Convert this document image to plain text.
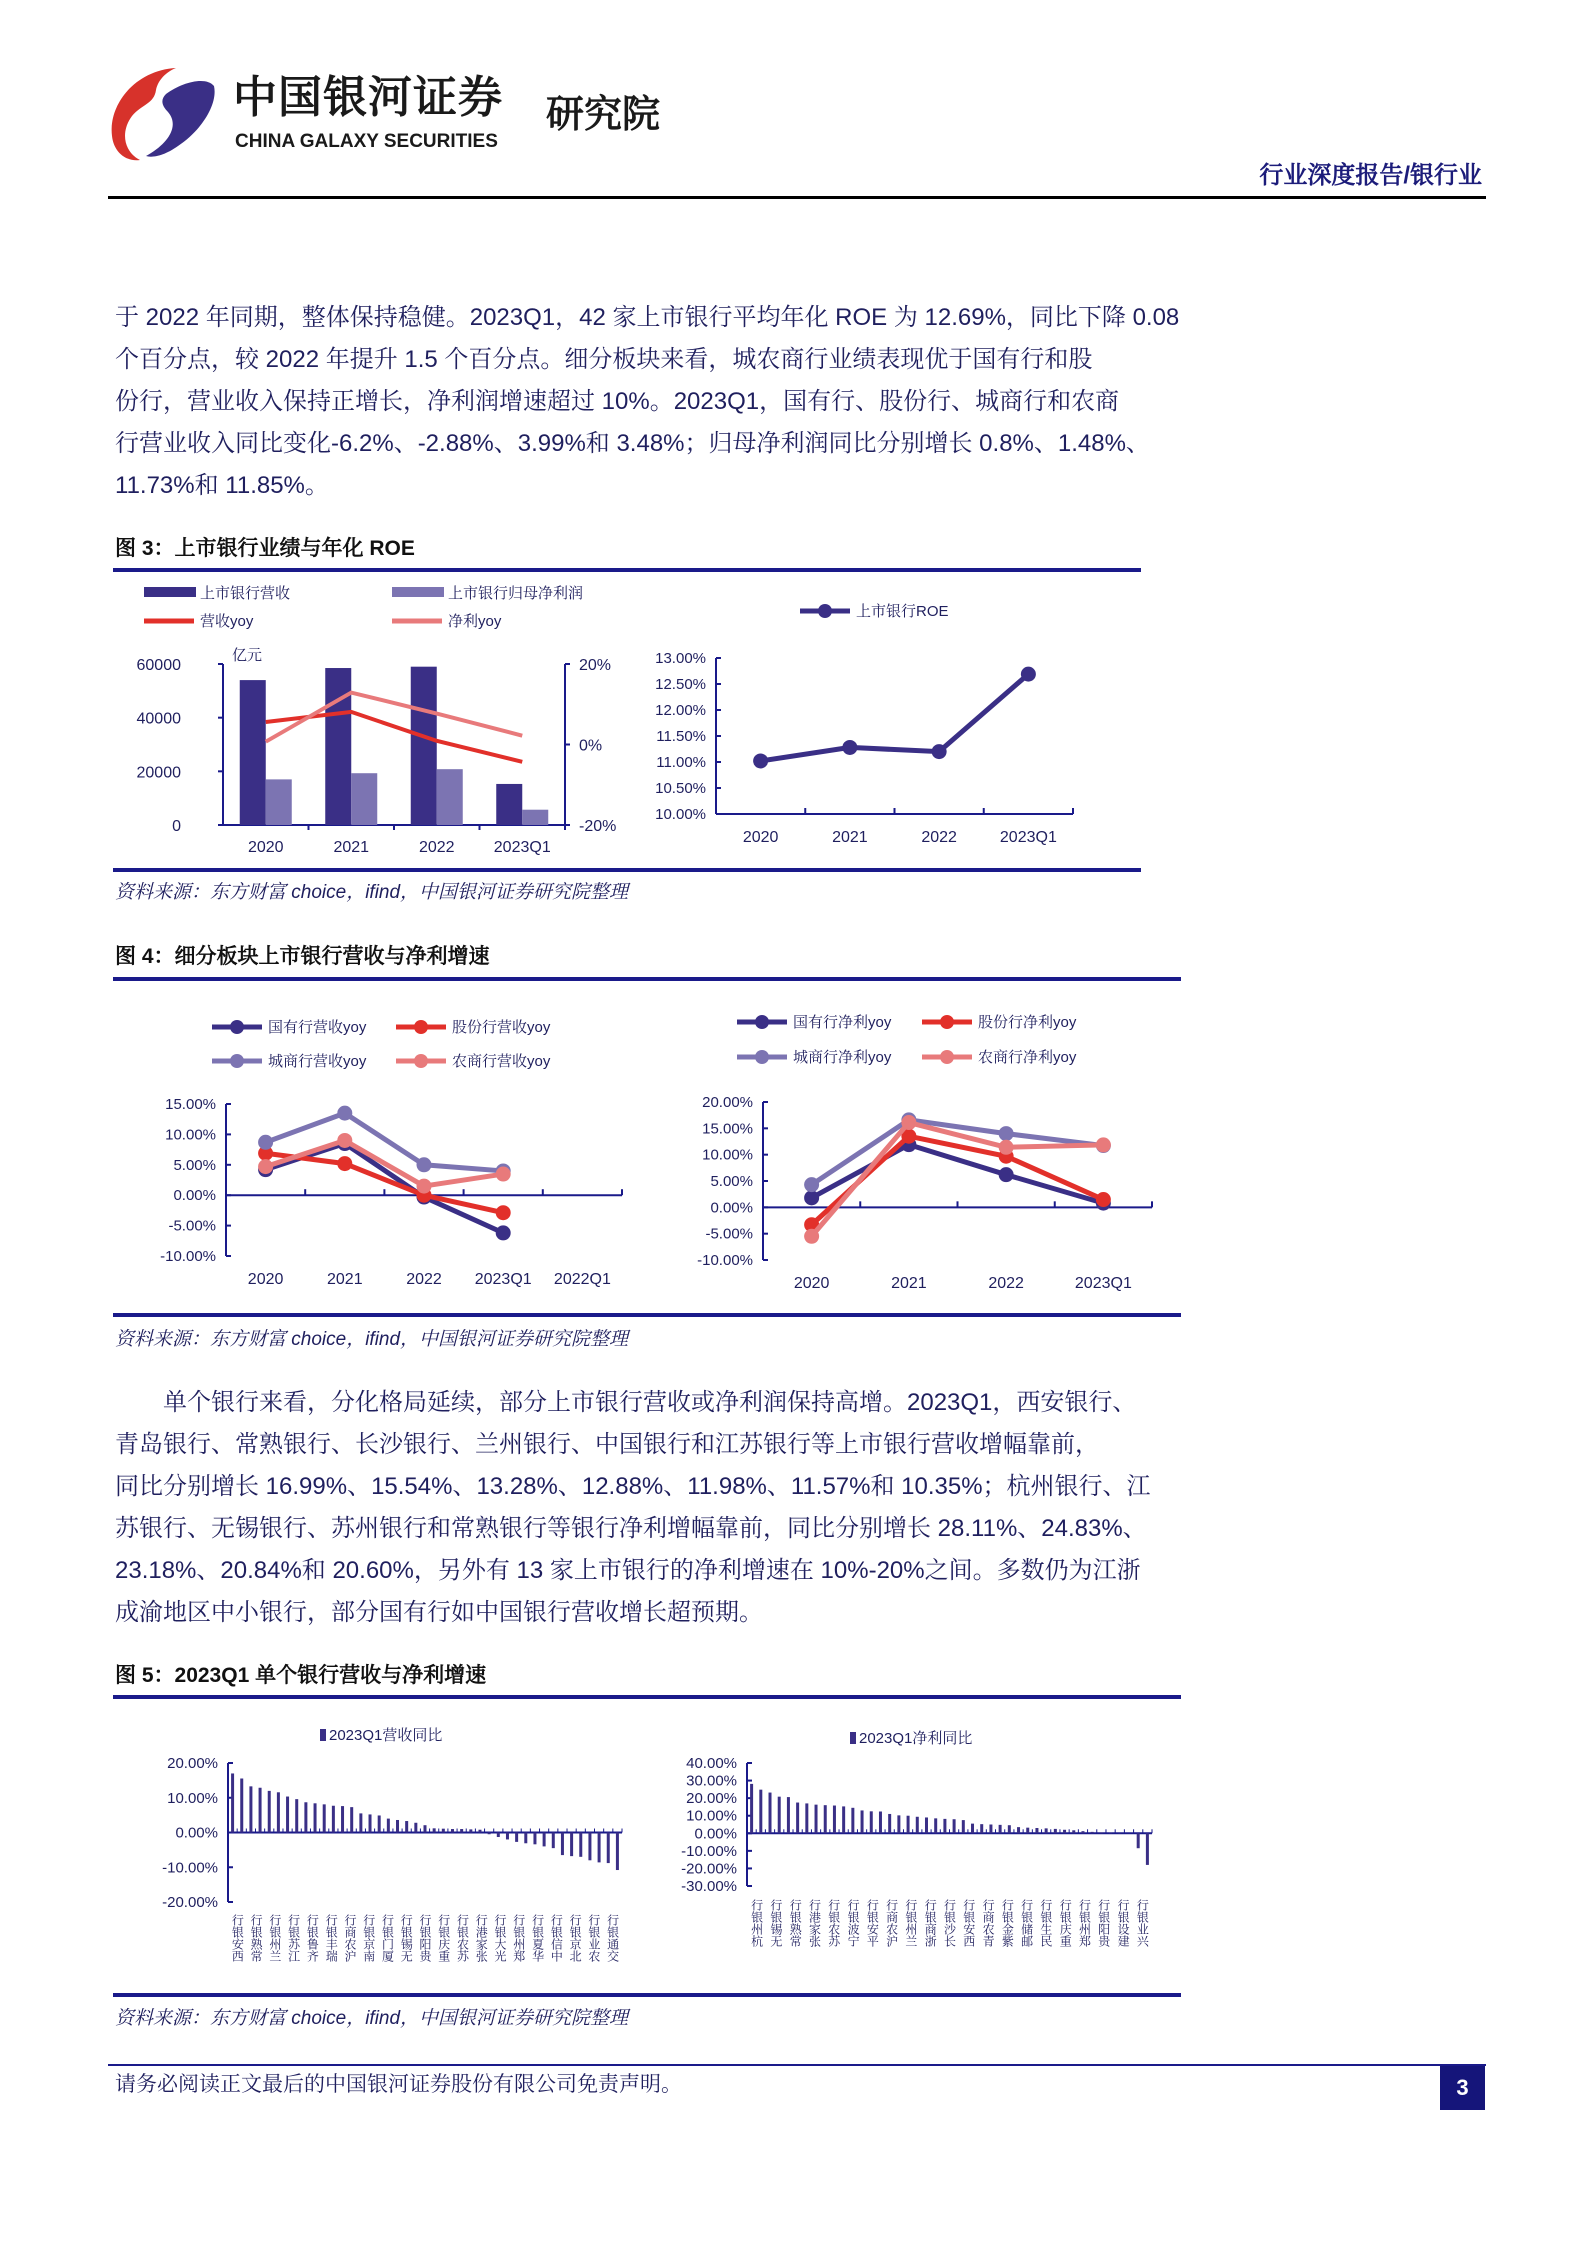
中国银河证券
CHINA GALAXY SECURITIES
研究院
行业深度报告/银行业
于 2022 年同期，整体保持稳健。2023Q1，42 家上市银行平均年化 ROE 为 12.69%，同比下降 0.08
个百分点，较 2022 年提升 1.5 个百分点。细分板块来看，城农商行业绩表现优于国有行和股
份行，营业收入保持正增长，净利润增速超过 10%。2023Q1，国有行、股份行、城商行和农商
行营业收入同比变化-6.2%、-2.88%、3.99%和 3.48%；归母净利润同比分别增长 0.8%、1.48%、
11.73%和 11.85%。
图 3：上市银行业绩与年化 ROE
资料来源：东方财富 choice，ifind，中国银河证券研究院整理
图 4：细分板块上市银行营收与净利增速
资料来源：东方财富 choice，ifind，中国银河证券研究院整理
单个银行来看，分化格局延续，部分上市银行营收或净利润保持高增。2023Q1，西安银行、
青岛银行、常熟银行、长沙银行、兰州银行、中国银行和江苏银行等上市银行营收增幅靠前，
同比分别增长 16.99%、15.54%、13.28%、12.88%、11.98%、11.57%和 10.35%；杭州银行、江
苏银行、无锡银行、苏州银行和常熟银行等银行净利增幅靠前，同比分别增长 28.11%、24.83%、
23.18%、20.84%和 20.60%，另外有 13 家上市银行的净利增速在 10%-20%之间。多数仍为江浙
成渝地区中小银行，部分国有行如中国银行营收增长超预期。
图 5：2023Q1 单个银行营收与净利增速
资料来源：东方财富 choice，ifind，中国银河证券研究院整理
请务必阅读正文最后的中国银河证券股份有限公司免责声明。	3
上市银行营收	上市银行归母净利润
营收yoy	净利yoy
亿元
0
20000
40000
60000
-20%
0%
20%
2020	2021	2022 2023Q1
10.00%
10.50%
11.00%
11.50%
12.00%
12.50%
13.00%
2020	2021	2022	2023Q1
上市银行ROE
-10.00%
-5.00%
0.00%
5.00%
10.00%
15.00%
2020	2021	2022 2023Q1 2022Q1
国有行营收yoy	股份行营收yoy
城商行营收yoy	农商行营收yoy
-10.00%
-5.00%
0.00%
5.00%
10.00%
15.00%
20.00%
2020	2021	2022	2023Q1
国有行净利yoy	股份行净利yoy
城商行净利yoy	农商行净利yoy
2023Q1营收同比
-20.00%
-10.00%
0.00%
10.00%
20.00%
2023Q1净利同比
-30.00%
-20.00%
-10.00%
0.00%
10.00%
20.00%
30.00%
40.00%
西安银行 常熟银行 兰州银行 江苏银行 齐鲁银行 瑞丰银行 沪农商行 南京银行 厦门银行 无锡银行 贵阳银行 重庆银行 苏农银行 张家港行 光大银行 郑州银行 华夏银行 中信银行 北京银行 农业银行 交通银行	杭州银行 无锡银行 常熟银行 张家港行 苏农银行 宁波银行 平安银行 沪农商行 兰州银行 浙商银行 长沙银行 西安银行 青农商行 紫金银行 邮储银行 民生银行 重庆银行 郑州银行 贵阳银行 建设银行 兴业银行
